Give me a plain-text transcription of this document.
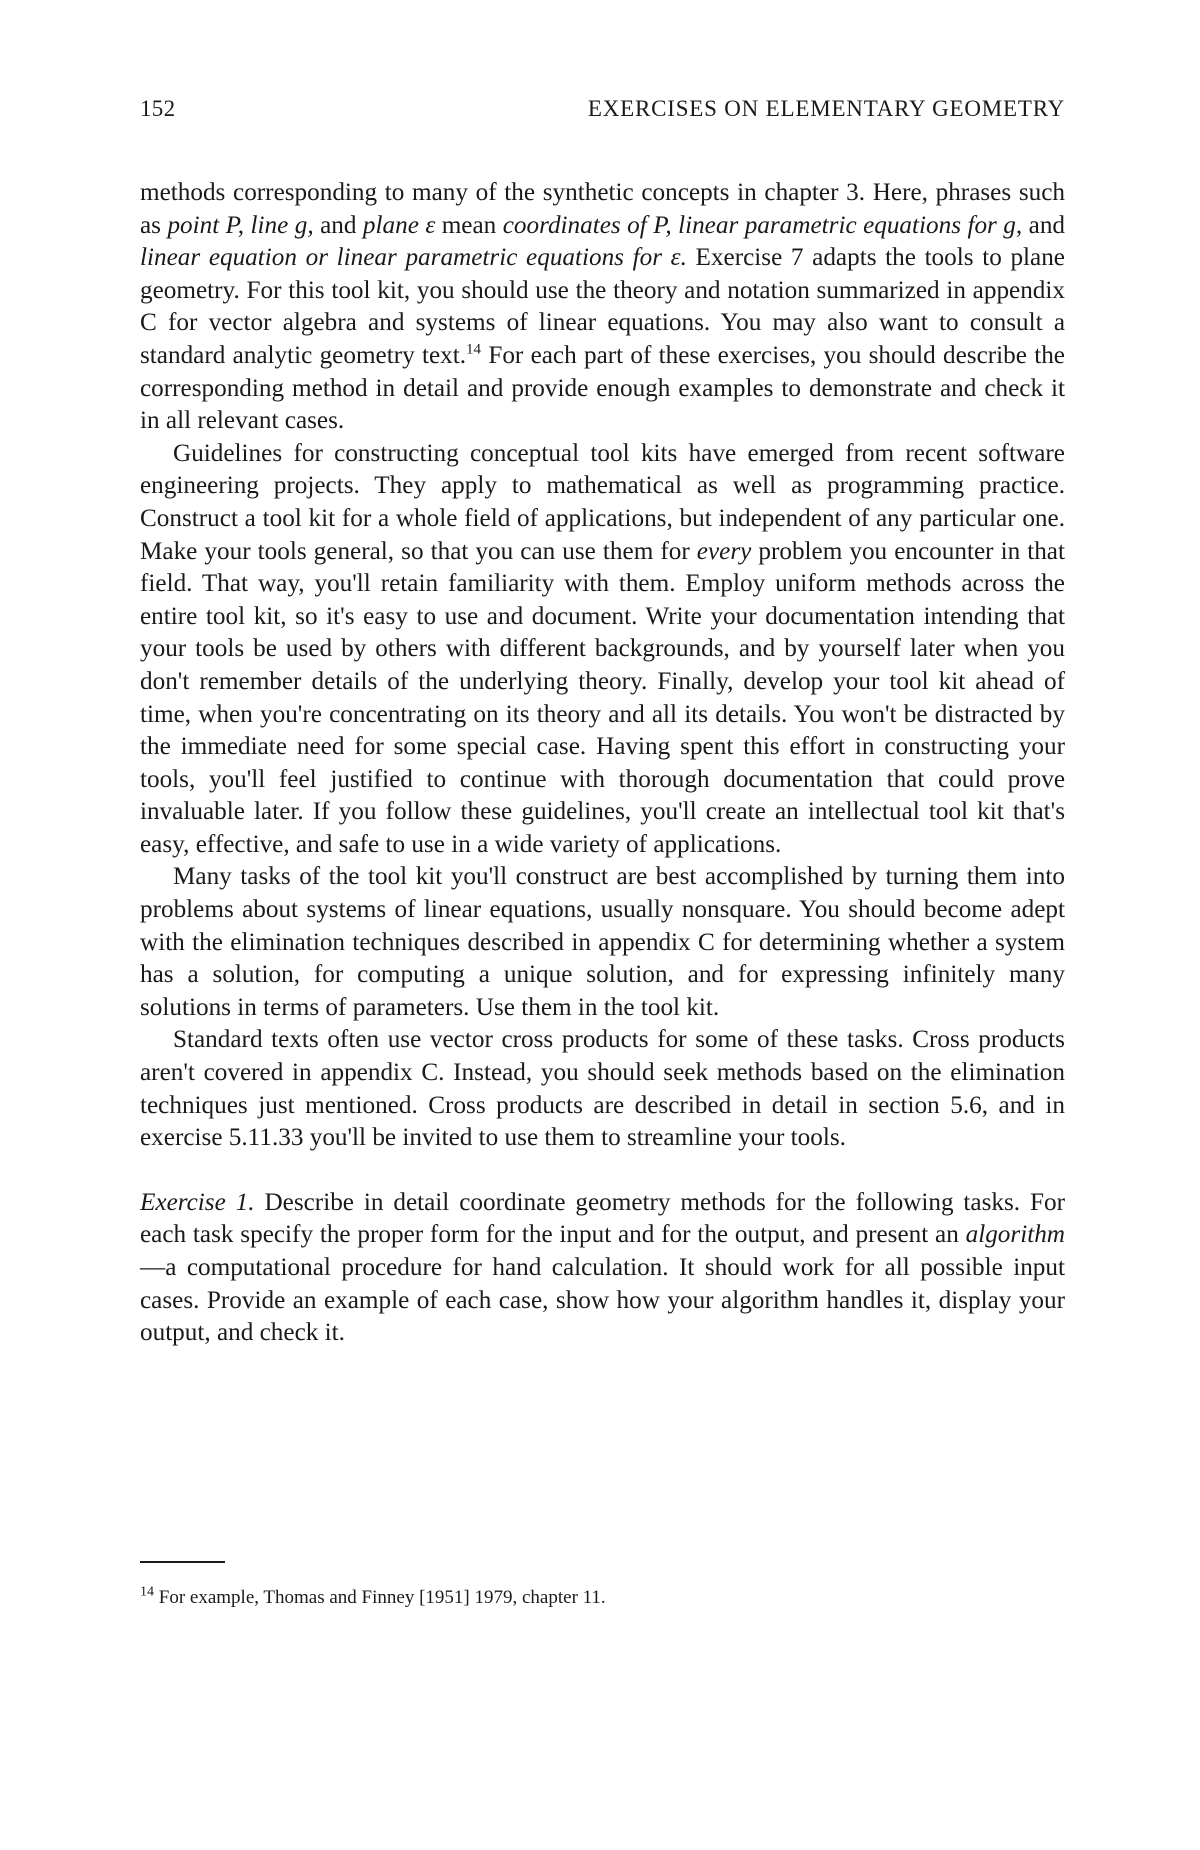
152	EXERCISES ON ELEMENTARY GEOMETRY

methods corresponding to many of the synthetic concepts in chapter 3. Here, phrases such as point P, line g, and plane ε mean coordinates of P, linear parametric equations for g, and linear equation or linear parametric equations for ε. Exercise 7 adapts the tools to plane geometry. For this tool kit, you should use the theory and notation summarized in appendix C for vector algebra and systems of linear equations. You may also want to consult a standard analytic geometry text.$^{14}$ For each part of these exercises, you should describe the corresponding method in detail and provide enough examples to demonstrate and check it in all relevant cases.

Guidelines for constructing conceptual tool kits have emerged from recent software engineering projects. They apply to mathematical as well as programming practice. Construct a tool kit for a whole field of applications, but independent of any particular one. Make your tools general, so that you can use them for every problem you encounter in that field. That way, you'll retain familiarity with them. Employ uniform methods across the entire tool kit, so it's easy to use and document. Write your documentation intending that your tools be used by others with different backgrounds, and by yourself later when you don't remember details of the underlying theory. Finally, develop your tool kit ahead of time, when you're concentrating on its theory and all its details. You won't be distracted by the immediate need for some special case. Having spent this effort in constructing your tools, you'll feel justified to continue with thorough documentation that could prove invaluable later. If you follow these guidelines, you'll create an intellectual tool kit that's easy, effective, and safe to use in a wide variety of applications.

Many tasks of the tool kit you'll construct are best accomplished by turning them into problems about systems of linear equations, usually nonsquare. You should become adept with the elimination techniques described in appendix C for determining whether a system has a solution, for computing a unique solution, and for expressing infinitely many solutions in terms of parameters. Use them in the tool kit.

Standard texts often use vector cross products for some of these tasks. Cross products aren't covered in appendix C. Instead, you should seek methods based on the elimination techniques just mentioned. Cross products are described in detail in section 5.6, and in exercise 5.11.33 you'll be invited to use them to streamline your tools.

Exercise 1. Describe in detail coordinate geometry methods for the following tasks. For each task specify the proper form for the input and for the output, and present an algorithm—a computational procedure for hand calculation. It should work for all possible input cases. Provide an example of each case, show how your algorithm handles it, display your output, and check it.

$^{14}$ For example, Thomas and Finney [1951] 1979, chapter 11.
